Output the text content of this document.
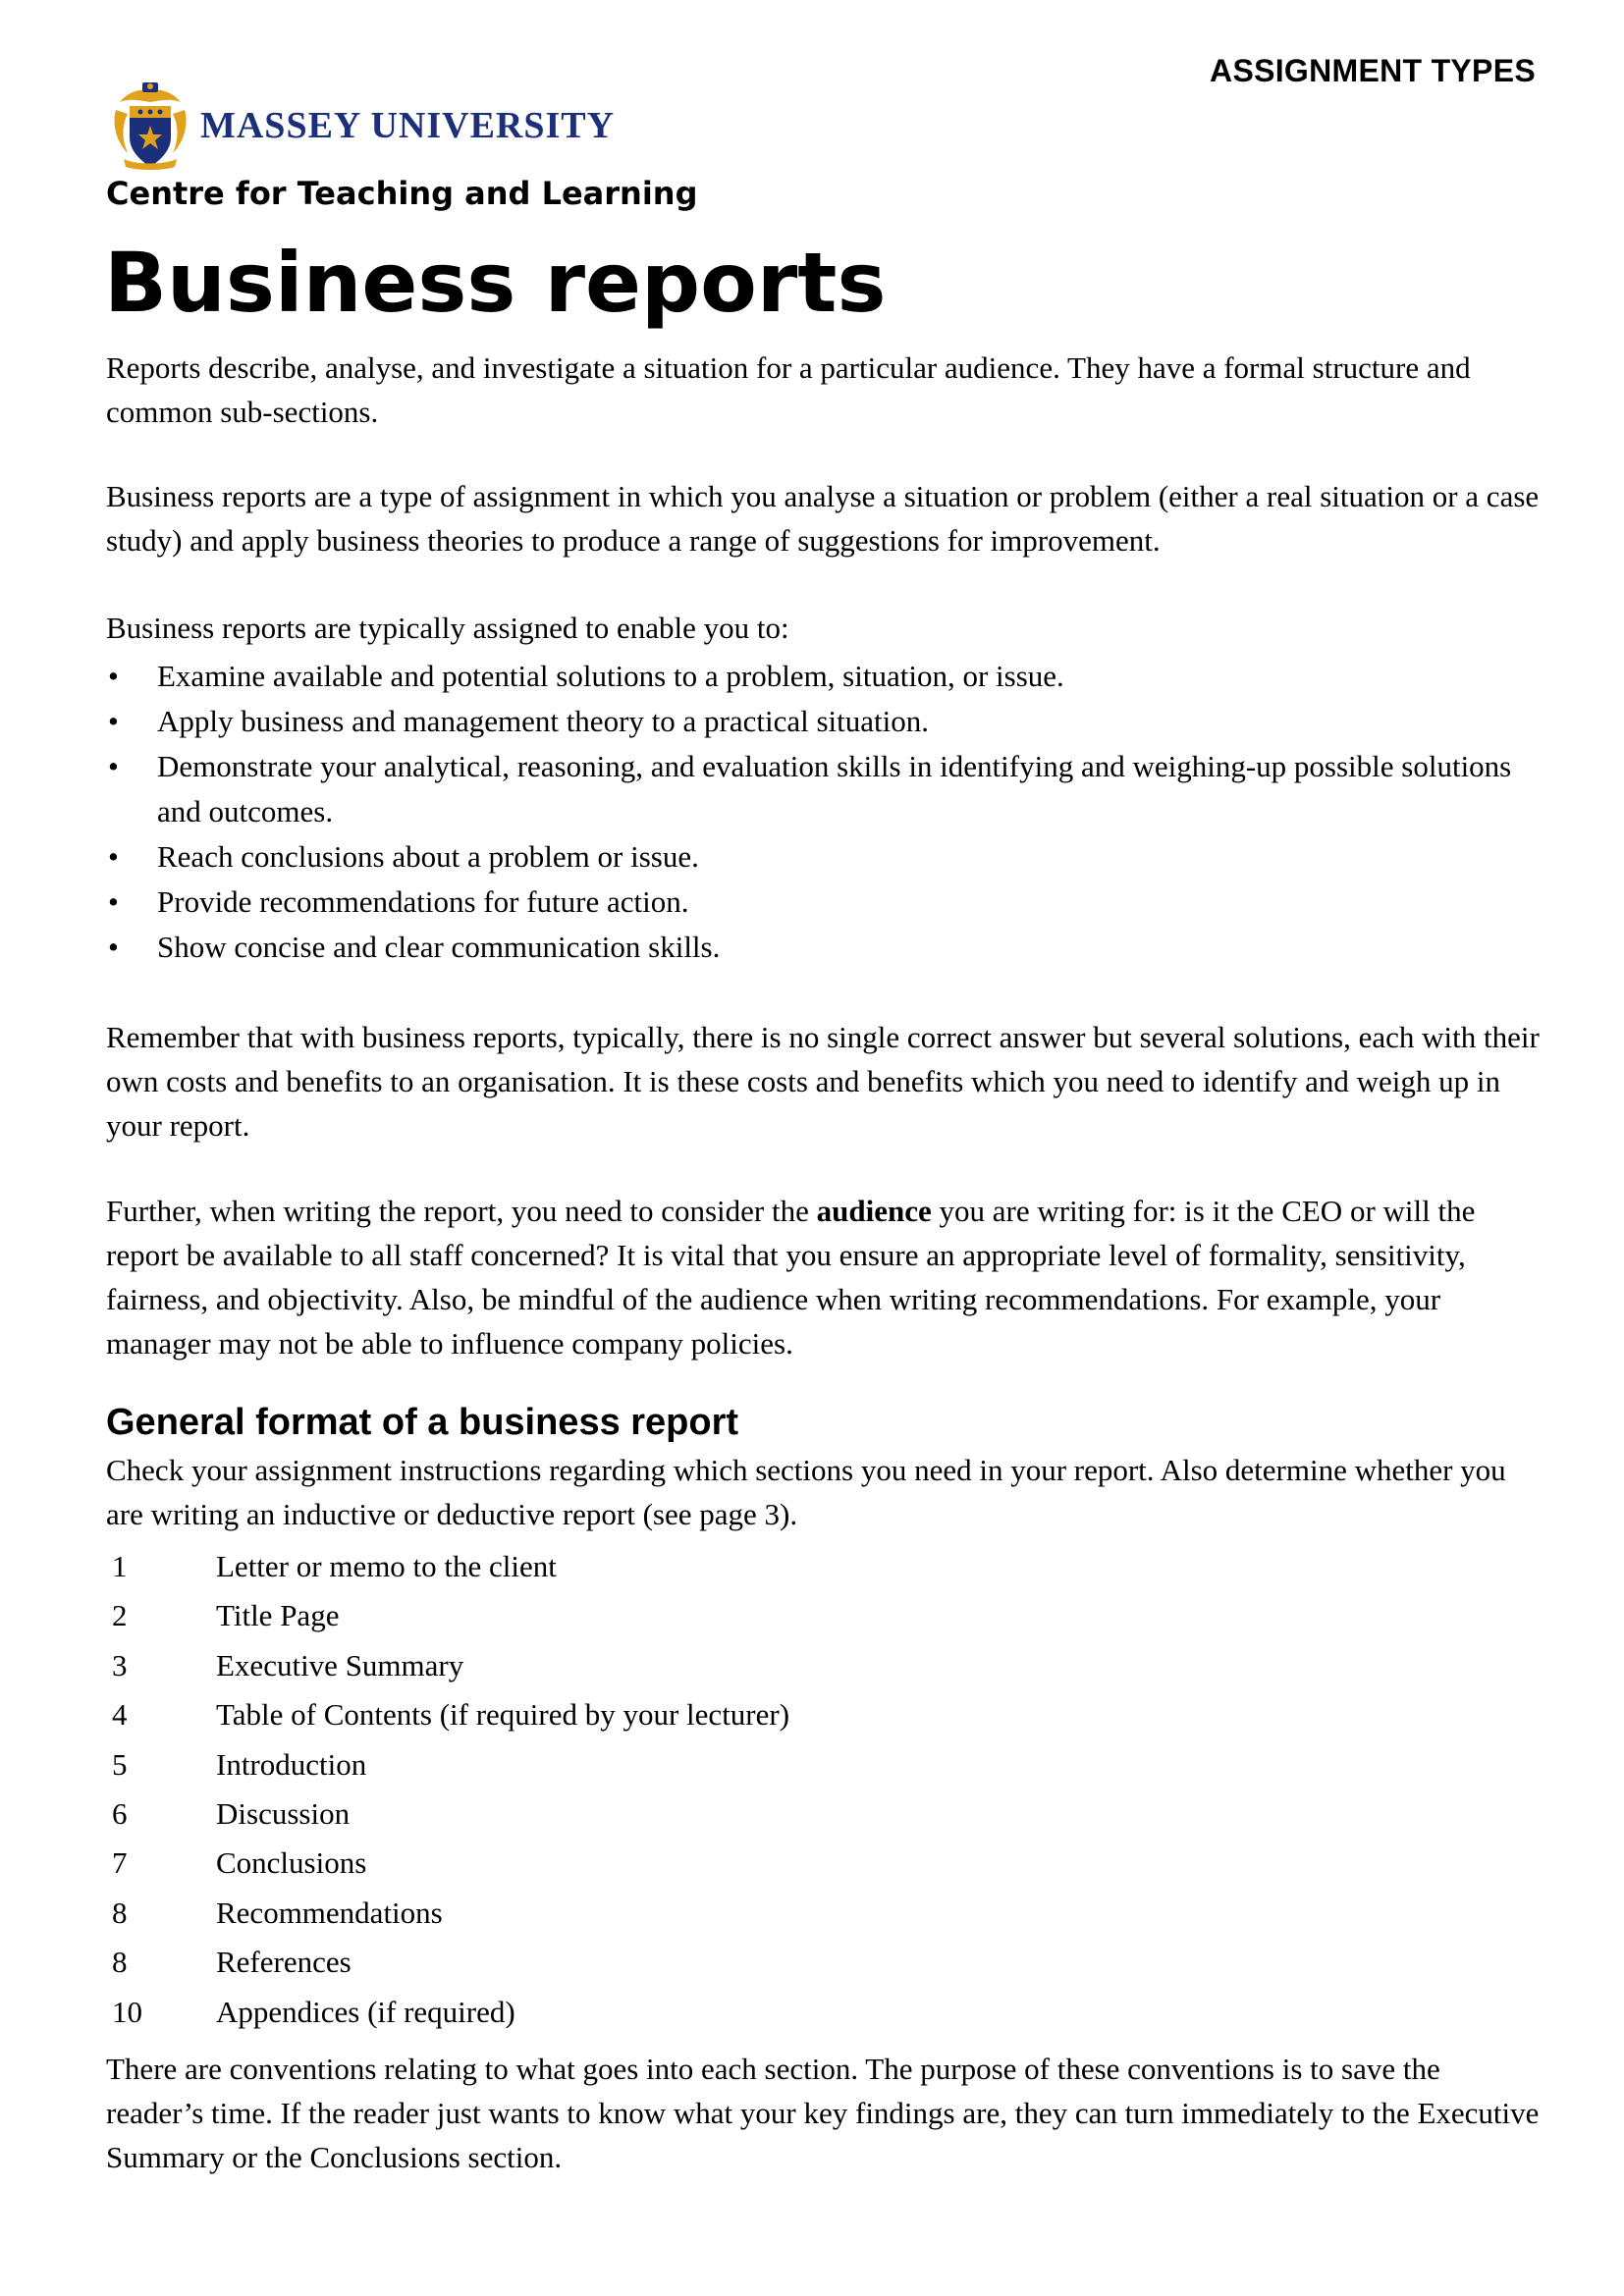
ASSIGNMENT TYPES
MASSEY UNIVERSITY
Centre for Teaching and Learning
Business reports

Reports describe, analyse, and investigate a situation for a particular audience. They have a formal structure and common sub-sections.

Business reports are a type of assignment in which you analyse a situation or problem (either a real situation or a case study) and apply business theories to produce a range of suggestions for improvement.

Business reports are typically assigned to enable you to:

• Examine available and potential solutions to a problem, situation, or issue.
• Apply business and management theory to a practical situation.
• Demonstrate your analytical, reasoning, and evaluation skills in identifying and weighing-up possible solutions and outcomes.
• Reach conclusions about a problem or issue.
• Provide recommendations for future action.
• Show concise and clear communication skills.

Remember that with business reports, typically, there is no single correct answer but several solutions, each with their own costs and benefits to an organisation. It is these costs and benefits which you need to identify and weigh up in your report.

Further, when writing the report, you need to consider the audience you are writing for: is it the CEO or will the report be available to all staff concerned? It is vital that you ensure an appropriate level of formality, sensitivity, fairness, and objectivity. Also, be mindful of the audience when writing recommendations. For example, your manager may not be able to influence company policies.

General format of a business report

Check your assignment instructions regarding which sections you need in your report. Also determine whether you are writing an inductive or deductive report (see page 3).

1	Letter or memo to the client
2	Title Page
3	Executive Summary
4	Table of Contents (if required by your lecturer)
5	Introduction
6	Discussion
7	Conclusions
8	Recommendations
8	References
10	Appendices (if required)

There are conventions relating to what goes into each section. The purpose of these conventions is to save the reader’s time. If the reader just wants to know what your key findings are, they can turn immediately to the Executive Summary or the Conclusions section.
